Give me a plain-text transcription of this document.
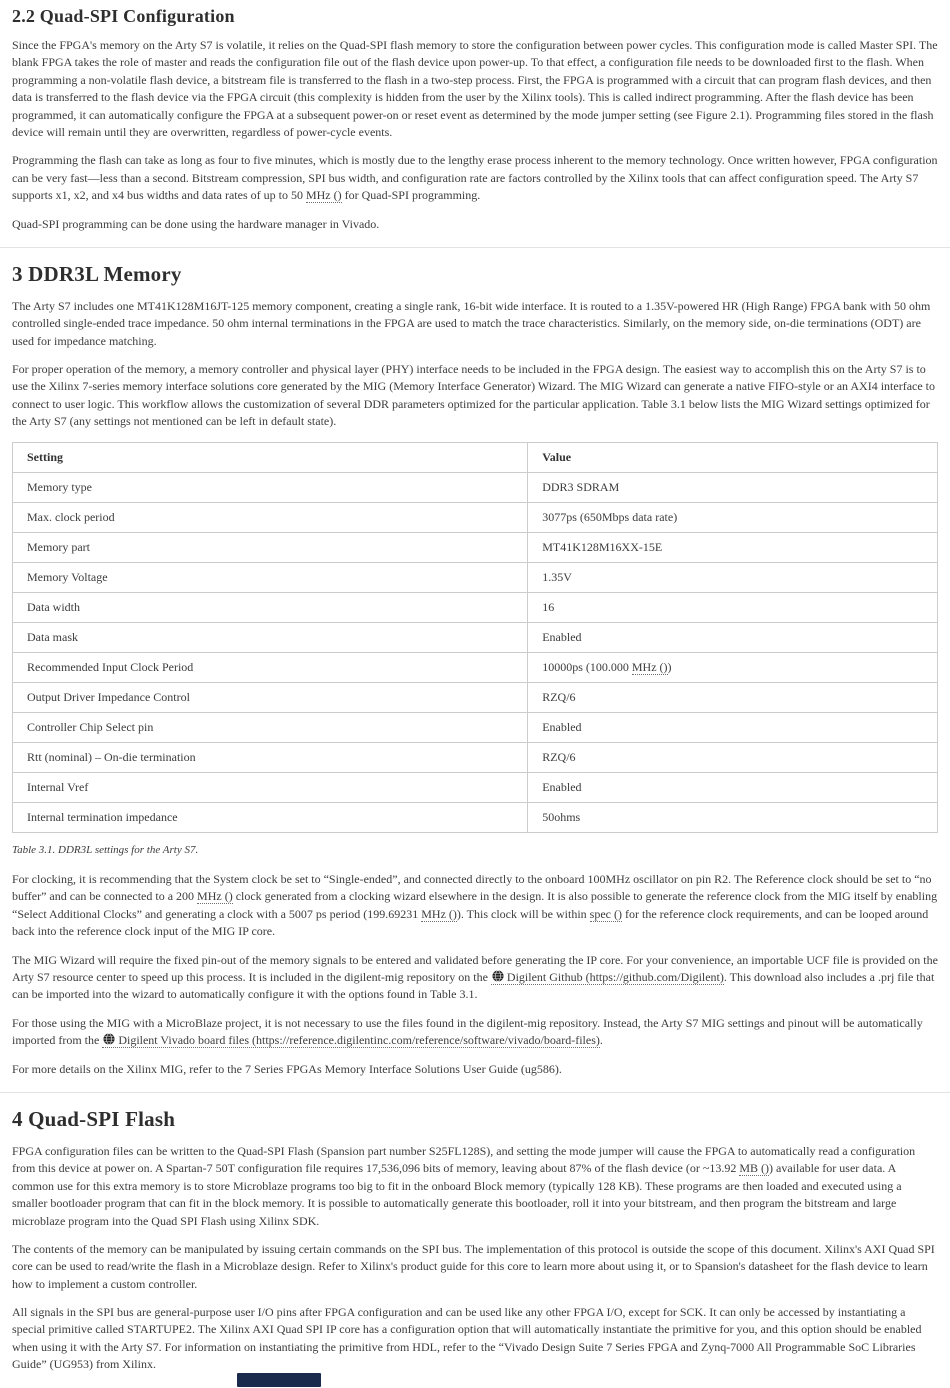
2.2 Quad-SPI Configuration

Since the FPGA's memory on the Arty S7 is volatile, it relies on the Quad-SPI flash memory to store the configuration between power cycles. This configuration mode is called Master SPI. The blank FPGA takes the role of master and reads the configuration file out of the flash device upon power-up. To that effect, a configuration file needs to be downloaded first to the flash. When programming a non-volatile flash device, a bitstream file is transferred to the flash in a two-step process. First, the FPGA is programmed with a circuit that can program flash devices, and then data is transferred to the flash device via the FPGA circuit (this complexity is hidden from the user by the Xilinx tools). This is called indirect programming. After the flash device has been programmed, it can automatically configure the FPGA at a subsequent power-on or reset event as determined by the mode jumper setting (see Figure 2.1). Programming files stored in the flash device will remain until they are overwritten, regardless of power-cycle events.

Programming the flash can take as long as four to five minutes, which is mostly due to the lengthy erase process inherent to the memory technology. Once written however, FPGA configuration can be very fast—less than a second. Bitstream compression, SPI bus width, and configuration rate are factors controlled by the Xilinx tools that can affect configuration speed. The Arty S7 supports x1, x2, and x4 bus widths and data rates of up to 50 MHz () for Quad-SPI programming.

Quad-SPI programming can be done using the hardware manager in Vivado.

3 DDR3L Memory

The Arty S7 includes one MT41K128M16JT-125 memory component, creating a single rank, 16-bit wide interface. It is routed to a 1.35V-powered HR (High Range) FPGA bank with 50 ohm controlled single-ended trace impedance. 50 ohm internal terminations in the FPGA are used to match the trace characteristics. Similarly, on the memory side, on-die terminations (ODT) are used for impedance matching.

For proper operation of the memory, a memory controller and physical layer (PHY) interface needs to be included in the FPGA design. The easiest way to accomplish this on the Arty S7 is to use the Xilinx 7-series memory interface solutions core generated by the MIG (Memory Interface Generator) Wizard. The MIG Wizard can generate a native FIFO-style or an AXI4 interface to connect to user logic. This workflow allows the customization of several DDR parameters optimized for the particular application. Table 3.1 below lists the MIG Wizard settings optimized for the Arty S7 (any settings not mentioned can be left in default state).

Setting	Value
Memory type	DDR3 SDRAM
Max. clock period	3077ps (650Mbps data rate)
Memory part	MT41K128M16XX-15E
Memory Voltage	1.35V
Data width	16
Data mask	Enabled
Recommended Input Clock Period	10000ps (100.000 MHz ())
Output Driver Impedance Control	RZQ/6
Controller Chip Select pin	Enabled
Rtt (nominal) – On-die termination	RZQ/6
Internal Vref	Enabled
Internal termination impedance	50ohms

Table 3.1. DDR3L settings for the Arty S7.

For clocking, it is recommending that the System clock be set to “Single-ended”, and connected directly to the onboard 100MHz oscillator on pin R2. The Reference clock should be set to “no buffer” and can be connected to a 200 MHz () clock generated from a clocking wizard elsewhere in the design. It is also possible to generate the reference clock from the MIG itself by enabling “Select Additional Clocks” and generating a clock with a 5007 ps period (199.69231 MHz ()). This clock will be within spec () for the reference clock requirements, and can be looped around back into the reference clock input of the MIG IP core.

The MIG Wizard will require the fixed pin-out of the memory signals to be entered and validated before generating the IP core. For your convenience, an importable UCF file is provided on the Arty S7 resource center to speed up this process. It is included in the digilent-mig repository on the Digilent Github (https://github.com/Digilent). This download also includes a .prj file that can be imported into the wizard to automatically configure it with the options found in Table 3.1.

For those using the MIG with a MicroBlaze project, it is not necessary to use the files found in the digilent-mig repository. Instead, the Arty S7 MIG settings and pinout will be automatically imported from the Digilent Vivado board files (https://reference.digilentinc.com/reference/software/vivado/board-files).

For more details on the Xilinx MIG, refer to the 7 Series FPGAs Memory Interface Solutions User Guide (ug586).

4 Quad-SPI Flash

FPGA configuration files can be written to the Quad-SPI Flash (Spansion part number S25FL128S), and setting the mode jumper will cause the FPGA to automatically read a configuration from this device at power on. A Spartan-7 50T configuration file requires 17,536,096 bits of memory, leaving about 87% of the flash device (or ~13.92 MB ()) available for user data. A common use for this extra memory is to store Microblaze programs too big to fit in the onboard Block memory (typically 128 KB). These programs are then loaded and executed using a smaller bootloader program that can fit in the block memory. It is possible to automatically generate this bootloader, roll it into your bitstream, and then program the bitstream and large microblaze program into the Quad SPI Flash using Xilinx SDK.

The contents of the memory can be manipulated by issuing certain commands on the SPI bus. The implementation of this protocol is outside the scope of this document. Xilinx's AXI Quad SPI core can be used to read/write the flash in a Microblaze design. Refer to Xilinx's product guide for this core to learn more about using it, or to Spansion's datasheet for the flash device to learn how to implement a custom controller.

All signals in the SPI bus are general-purpose user I/O pins after FPGA configuration and can be used like any other FPGA I/O, except for SCK. It can only be accessed by instantiating a special primitive called STARTUPE2. The Xilinx AXI Quad SPI IP core has a configuration option that will automatically instantiate the primitive for you, and this option should be enabled when using it with the Arty S7. For information on instantiating the primitive from HDL, refer to the “Vivado Design Suite 7 Series FPGA and Zynq-7000 All Programmable SoC Libraries Guide” (UG953) from Xilinx.
